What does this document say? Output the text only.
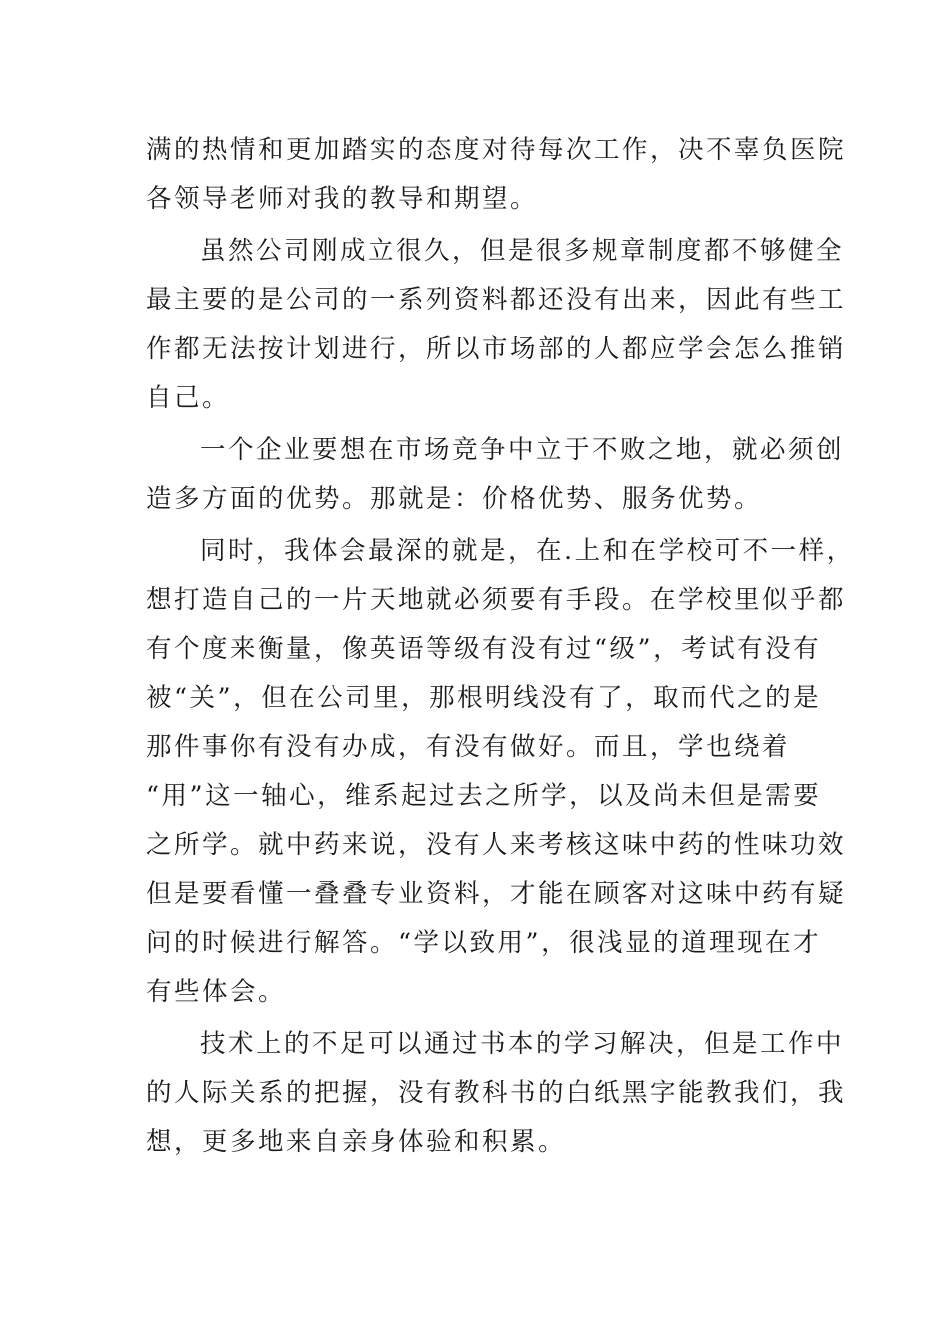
满的热情和更加踏实的态度对待每次工作，决不辜负医院
各领导老师对我的教导和期望。
虽然公司刚成立很久，但是很多规章制度都不够健全
最主要的是公司的一系列资料都还没有出来，因此有些工
作都无法按计划进行，所以市场部的人都应学会怎么推销
自己。
一个企业要想在市场竞争中立于不败之地，就必须创
造多方面的优势。那就是：价格优势、服务优势。
同时，我体会最深的就是，在.上和在学校可不一样，
想打造自己的一片天地就必须要有手段。在学校里似乎都
有个度来衡量，像英语等级有没有过“级”，考试有没有
被“关”，但在公司里，那根明线没有了，取而代之的是
那件事你有没有办成，有没有做好。而且，学也绕着
“用”这一轴心，维系起过去之所学，以及尚未但是需要
之所学。就中药来说，没有人来考核这味中药的性味功效
但是要看懂一叠叠专业资料，才能在顾客对这味中药有疑
问的时候进行解答。“学以致用”，很浅显的道理现在才
有些体会。
技术上的不足可以通过书本的学习解决，但是工作中
的人际关系的把握，没有教科书的白纸黑字能教我们，我
想，更多地来自亲身体验和积累。
